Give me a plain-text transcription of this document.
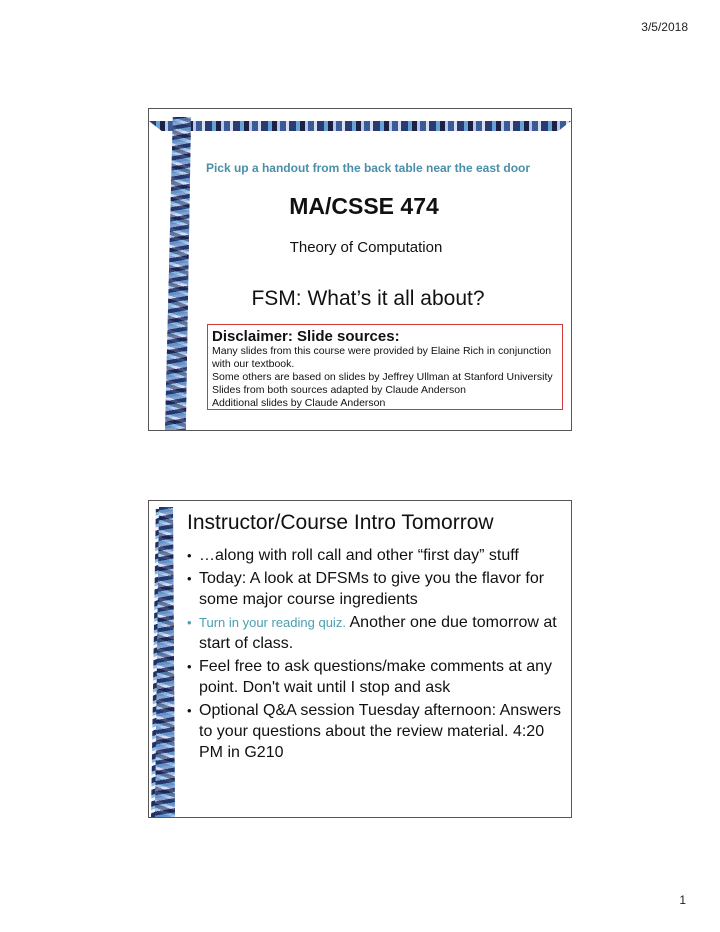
3/5/2018
Pick up a handout from the back table near the east door
MA/CSSE 474
Theory of Computation
FSM: What’s it all about?
Disclaimer: Slide sources:
Many slides from this course were provided by Elaine Rich in conjunction
with our textbook.
Some others are based on slides by Jeffrey Ullman at Stanford University
Slides from both sources adapted by Claude Anderson
Additional slides by Claude Anderson
Instructor/Course Intro Tomorrow
• …along with roll call and other “first day” stuff
• Today: A look at DFSMs to give you the flavor for some major course ingredients
• Turn in your reading quiz. Another one due tomorrow at start of class.
• Feel free to ask questions/make comments at any point. Don't wait until I stop and ask
• Optional Q&A session Tuesday afternoon: Answers to your questions about the review material. 4:20 PM in G210
1
